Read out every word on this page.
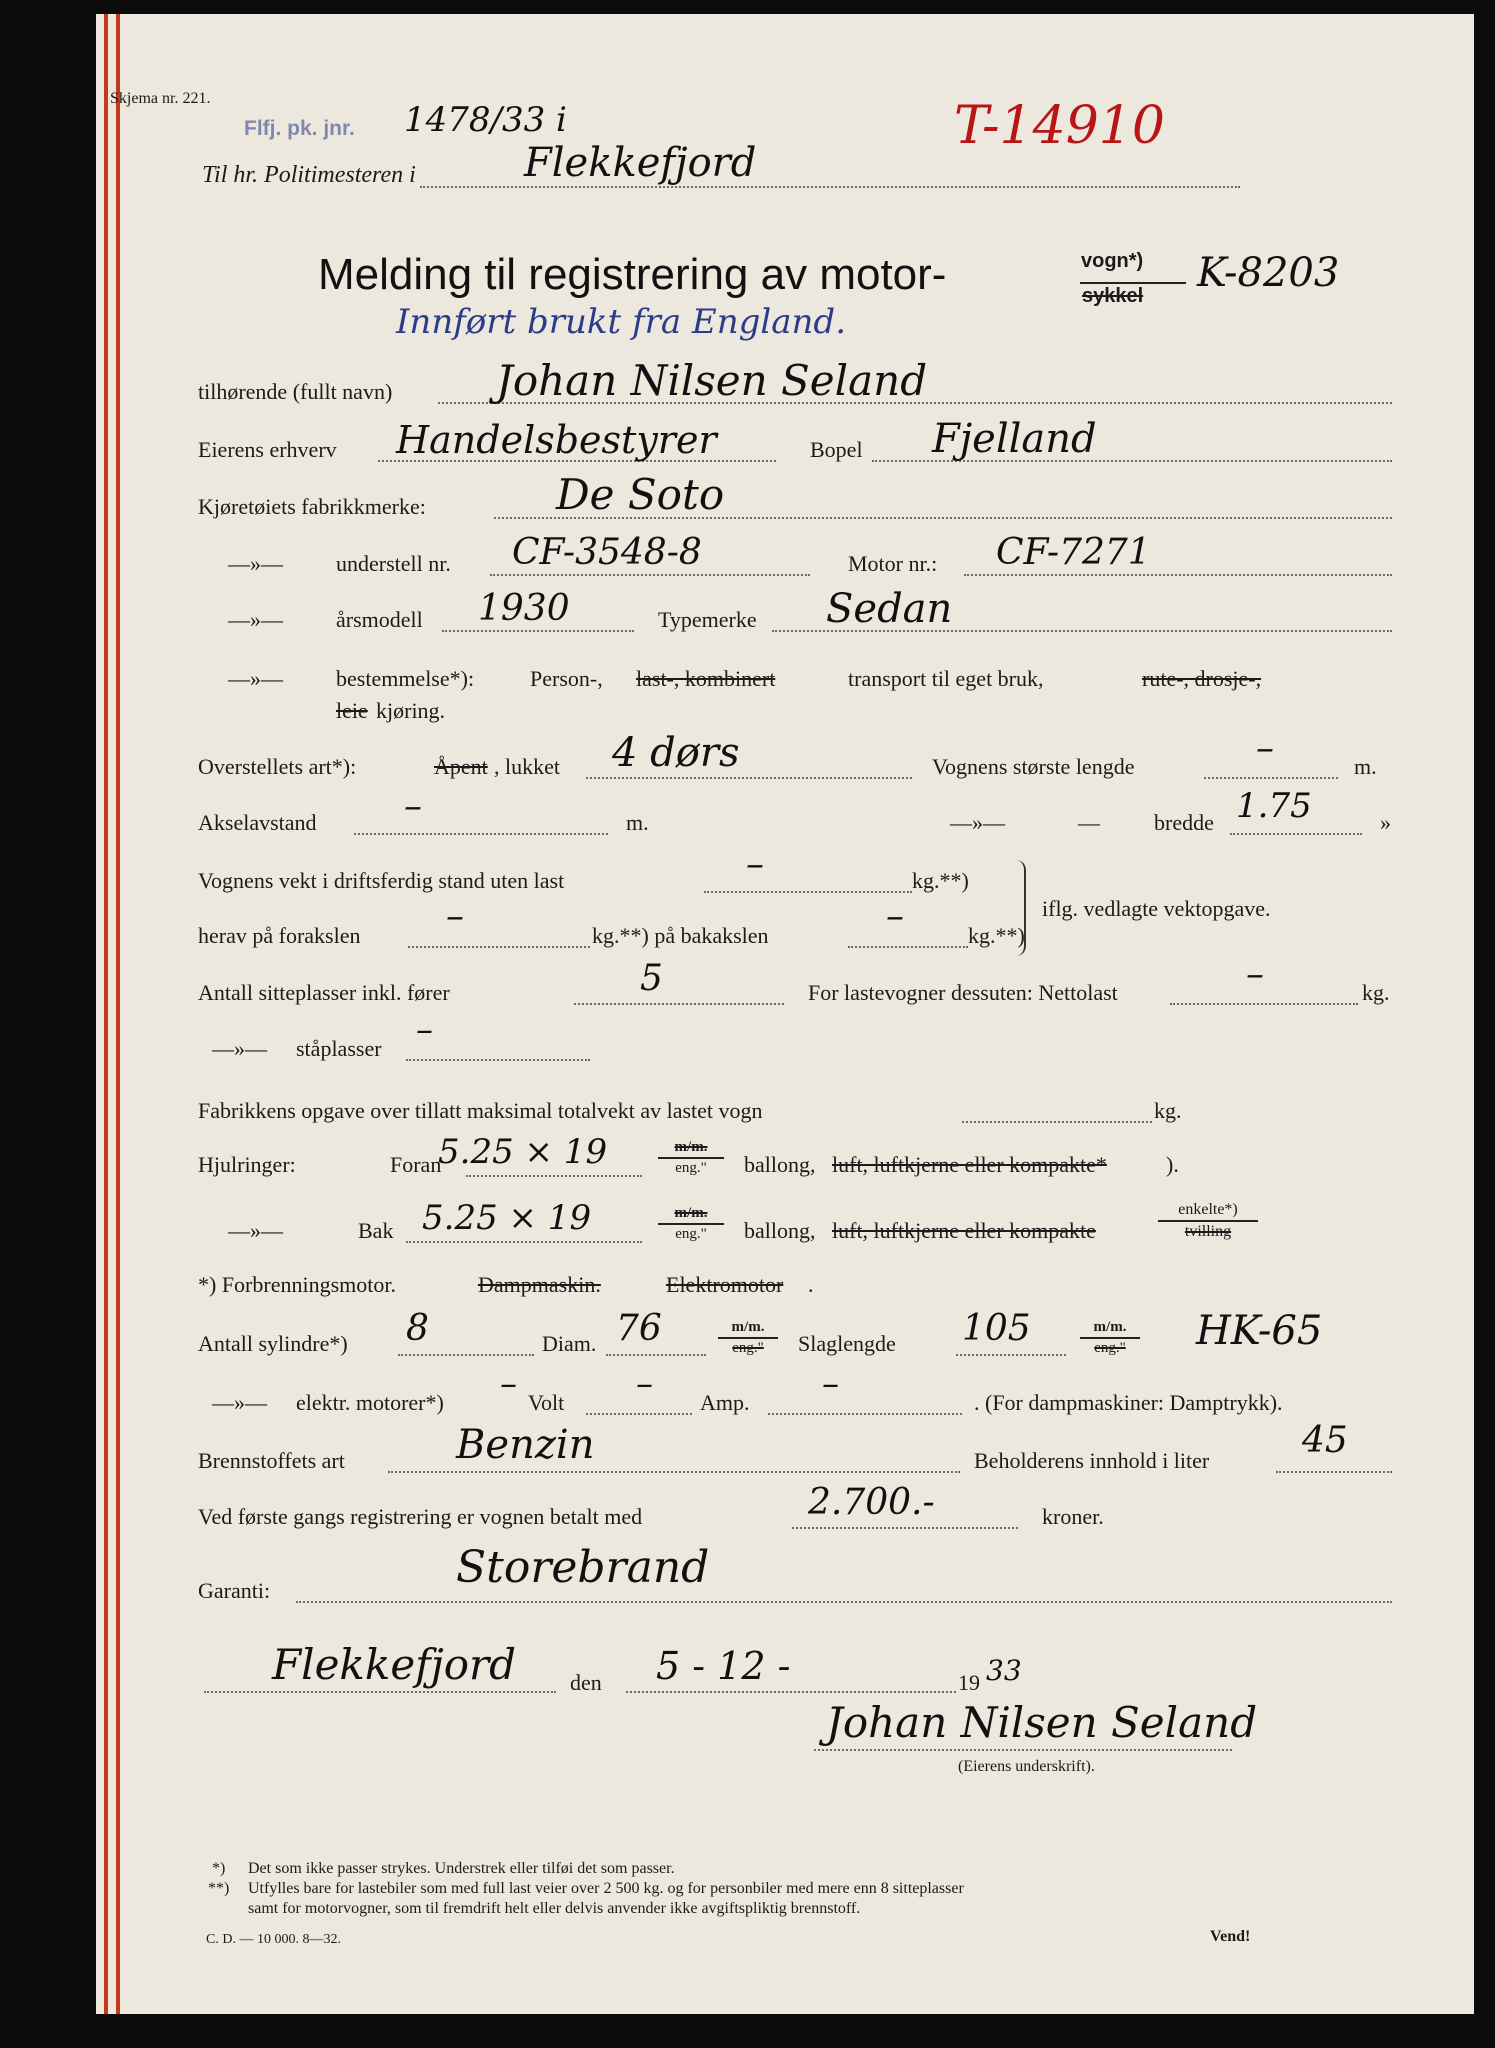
Skjema nr. 221.
Flfj. pk. jnr. 1478/33 i	T-14910
Til hr. Politimesteren i	Flekkefjord
Melding til registrering av motor-	vogn*)
sykkel K-8203
Innført brukt fra England.
tilhørende (fullt navn) Johan Nilsen Seland
Eierens erhverv Handelsbestyrer	Bopel Fjelland
Kjøretøiets fabrikkmerke:	De Soto
—»— understell nr. CF-3548-8	Motor nr.: CF-7271
—»— årsmodell 1930	Typemerke Sedan
—»— bestemmelse*):	Person-, last-, kombinert	transport til eget bruk,	rute-, drosje-,
leie kjøring.
Overstellets art*):	Åpent , lukket 4 dørs	Vognens største lengde	–	m.
Akselavstand –	m.	—»—	— bredde 1.75	»
Vognens vekt i driftsferdig stand uten last	–	kg.**)
iflg. vedlagte vektopgave.
herav på forakslen –	kg.**) på bakakslen	–	kg.**)
Antall sitteplasser inkl. fører	5	For lastevogner dessuten: Nettolast	–	kg.
—»— ståplasser –
Fabrikkens opgave over tillatt maksimal totalvekt av lastet vogn	kg.
Hjulringer:	Foran
5.25 × 19	m/m.
eng."	ballong, luft, luftkjerne eller kompakte*	).
—»—	Bak 5.25 × 19	m/m.
eng."	ballong, luft, luftkjerne eller kompakte
enkelte*)
tvilling
*) Forbrenningsmotor.	Dampmaskin.	Elektromotor .
Antall sylindre*) 8	Diam. 76	m/m.
eng."	Slaglengde 105	m/m.
eng."	HK-65
—»— elektr. motorer*) – Volt – Amp. –	. (For dampmaskiner: Damptrykk).
Brennstoffets art	Benzin	Beholderens innhold i liter	45
Ved første gangs registrering er vognen betalt med	2.700.-	kroner.
Garanti:	Storebrand
Flekkefjord den 5 - 12 -	19 33
Johan Nilsen Seland
(Eierens underskrift).
*) Det som ikke passer strykes. Understrek eller tilføi det som passer.
**) Utfylles bare for lastebiler som med full last veier over 2 500 kg. og for personbiler med mere enn 8 sitteplasser
samt for motorvogner, som til fremdrift helt eller delvis anvender ikke avgiftspliktig brennstoff.
C. D. — 10 000. 8—32.	Vend!
